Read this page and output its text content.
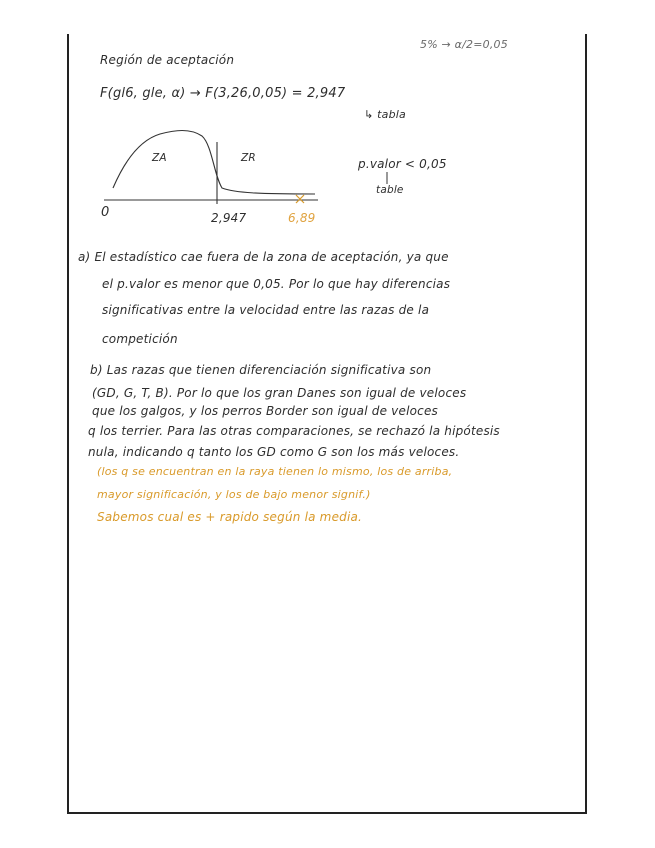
5% → α/2=0,05

Región de aceptación

F(gl6, gle, α) → F(3,26,0,05) = 2,947

↳ tabla

ZA	ZR

0	2,947	6,89

p.valor < 0,05

table

a) El estadístico cae fuera de la zona de aceptación, ya que

el p.valor es menor que 0,05. Por lo que hay diferencias

significativas entre la velocidad entre las razas de la

competición

b) Las razas que tienen diferenciación significativa son

(GD, G, T, B). Por lo que los gran Danes son igual de veloces

que los galgos, y los perros Border son igual de veloces

q los terrier. Para las otras comparaciones, se rechazó la hipótesis

nula, indicando q tanto los GD como G son los más veloces.

(los q se encuentran en la raya tienen lo mismo, los de arriba,

mayor significación, y los de bajo menor signif.)

Sabemos cual es + rapido según la media.
